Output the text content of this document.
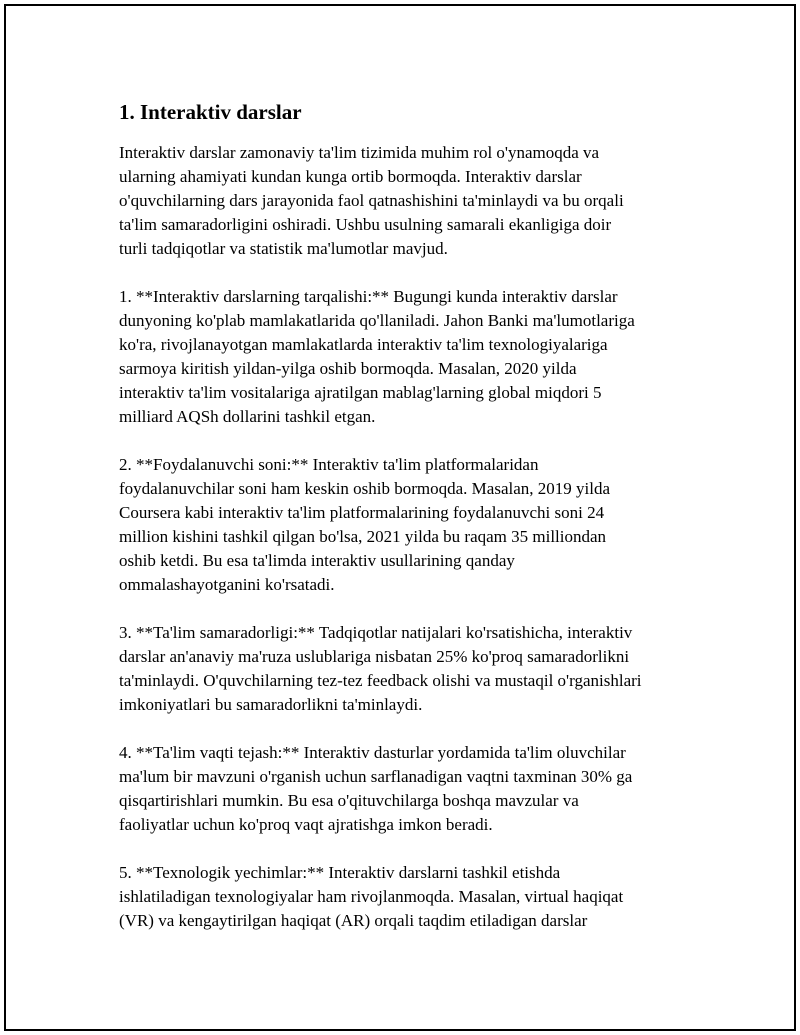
1. Interaktiv darslar

Interaktiv darslar zamonaviy ta'lim tizimida muhim rol o'ynamoqda va
ularning ahamiyati kundan kunga ortib bormoqda. Interaktiv darslar
o'quvchilarning dars jarayonida faol qatnashishini ta'minlaydi va bu orqali
ta'lim samaradorligini oshiradi. Ushbu usulning samarali ekanligiga doir
turli tadqiqotlar va statistik ma'lumotlar mavjud.

1. **Interaktiv darslarning tarqalishi:** Bugungi kunda interaktiv darslar
dunyoning ko'plab mamlakatlarida qo'llaniladi. Jahon Banki ma'lumotlariga
ko'ra, rivojlanayotgan mamlakatlarda interaktiv ta'lim texnologiyalariga
sarmoya kiritish yildan-yilga oshib bormoqda. Masalan, 2020 yilda
interaktiv ta'lim vositalariga ajratilgan mablag'larning global miqdori 5
milliard AQSh dollarini tashkil etgan.

2. **Foydalanuvchi soni:** Interaktiv ta'lim platformalaridan
foydalanuvchilar soni ham keskin oshib bormoqda. Masalan, 2019 yilda
Coursera kabi interaktiv ta'lim platformalarining foydalanuvchi soni 24
million kishini tashkil qilgan bo'lsa, 2021 yilda bu raqam 35 milliondan
oshib ketdi. Bu esa ta'limda interaktiv usullarining qanday
ommalashayotganini ko'rsatadi.

3. **Ta'lim samaradorligi:** Tadqiqotlar natijalari ko'rsatishicha, interaktiv
darslar an'anaviy ma'ruza uslublariga nisbatan 25% ko'proq samaradorlikni
ta'minlaydi. O'quvchilarning tez-tez feedback olishi va mustaqil o'rganishlari
imkoniyatlari bu samaradorlikni ta'minlaydi.

4. **Ta'lim vaqti tejash:** Interaktiv dasturlar yordamida ta'lim oluvchilar
ma'lum bir mavzuni o'rganish uchun sarflanadigan vaqtni taxminan 30% ga
qisqartirishlari mumkin. Bu esa o'qituvchilarga boshqa mavzular va
faoliyatlar uchun ko'proq vaqt ajratishga imkon beradi.

5. **Texnologik yechimlar:** Interaktiv darslarni tashkil etishda
ishlatiladigan texnologiyalar ham rivojlanmoqda. Masalan, virtual haqiqat
(VR) va kengaytirilgan haqiqat (AR) orqali taqdim etiladigan darslar
